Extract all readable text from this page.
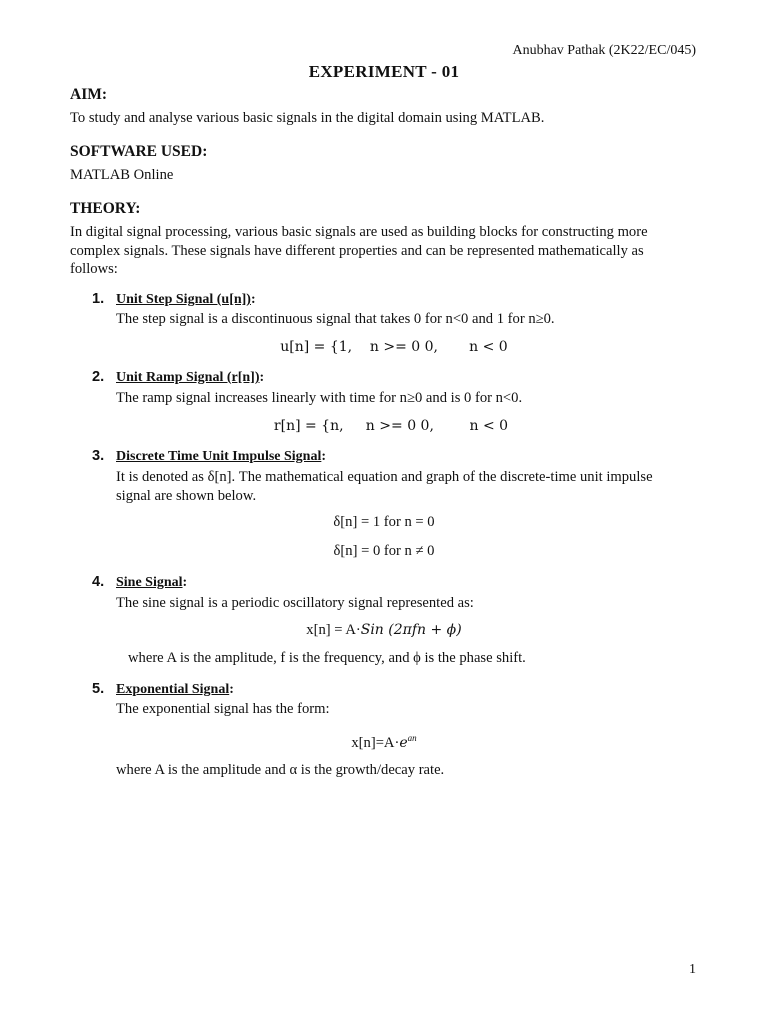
Anubhav Pathak (2K22/EC/045)
EXPERIMENT - 01
AIM:
To study and analyse various basic signals in the digital domain using MATLAB.
SOFTWARE USED:
MATLAB Online
THEORY:
In digital signal processing, various basic signals are used as building blocks for constructing more
complex signals. These signals have different properties and can be represented mathematically as
follows:
1. Unit Step Signal (u[n]):
The step signal is a discontinuous signal that takes 0 for n<0 and 1 for n≥0.
u[n] = {1,    n >= 0 0,       n < 0
2. Unit Ramp Signal (r[n]):
The ramp signal increases linearly with time for n≥0 and is 0 for n<0.
r[n] = {n,     n >= 0 0,        n < 0
3. Discrete Time Unit Impulse Signal:
It is denoted as δ[n]. The mathematical equation and graph of the discrete-time unit impulse
signal are shown below.
δ[n] = 1 for n = 0
δ[n] = 0 for n ≠ 0
4. Sine Signal:
The sine signal is a periodic oscillatory signal represented as:
x[n] = A·Sin (2πfn + ϕ)
where A is the amplitude, f is the frequency, and ϕ is the phase shift.
5. Exponential Signal:
The exponential signal has the form:
$x[n]=A\cdot e^{an}$
where A is the amplitude and α is the growth/decay rate.
1
